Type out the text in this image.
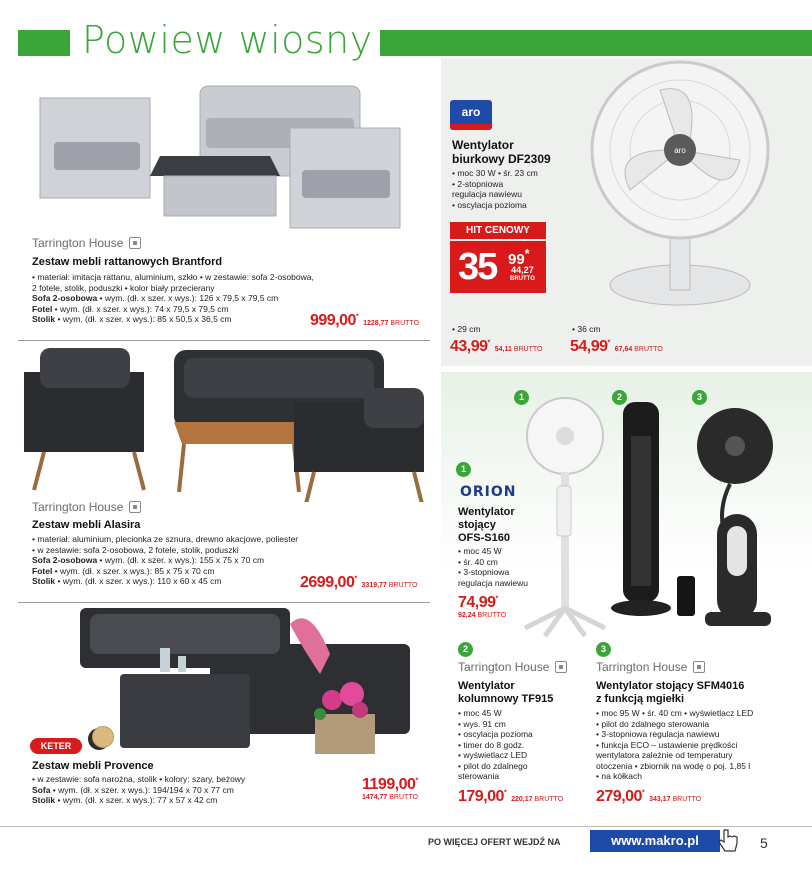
Powiew wiosny
Tarrington House
Zestaw mebli rattanowych Brantford
• materiał: imitacja rattanu, aluminium, szkło • w zestawie: sofa 2-osobowa,
2 fotele, stolik, poduszki • kolor biały przecierany
Sofa 2-osobowa • wym. (dł. x szer. x wys.): 126 x 79,5 x 79,5 cm
Fotel • wym. (dł. x szer. x wys.): 74 x 79,5 x 79,5 cm
Stolik • wym. (dł. x szer. x wys.): 85 x 50,5 x 36,5 cm	999,00* 1228,77 BRUTTO
Tarrington House
Zestaw mebli Alasira
• materiał: aluminium, plecionka ze sznura, drewno akacjowe, poliester
• w zestawie: sofa 2-osobowa, 2 fotele, stolik, poduszki
Sofa 2-osobowa • wym. (dł. x szer. x wys.): 155 x 75 x 70 cm
Fotel • wym. (dł. x szer. x wys.): 85 x 75 x 70 cm
Stolik • wym. (dł. x szer. x wys.): 110 x 60 x 45 cm	2699,00* 3319,77 BRUTTO
KETER
Zestaw mebli Provence
• w zestawie: sofa narożna, stolik • kolory: szary, beżowy
Sofa • wym. (dł. x szer. x wys.): 194/194 x 70 x 77 cm
Stolik • wym. (dł. x szer. x wys.): 77 x 57 x 42 cm
1199,00*
1474,77 BRUTTO
aro
aro
Wentylator
biurkowy DF2309
• moc 30 W • śr. 23 cm
• 2-stopniowa
regulacja nawiewu
• oscylacja pozioma
HIT CENOWY
35 99*
44,27
BRUTTO
• 29 cm
43,99* 54,11 BRUTTO
• 36 cm
54,99* 67,64 BRUTTO
1	2	3
1
ORION
Wentylator
stojący
OFS-S160
• moc 45 W
• śr. 40 cm
• 3-stopniowa
regulacja nawiewu
74,99*
92,24 BRUTTO
2
Tarrington House
Wentylator
kolumnowy TF915
• moc 45 W
• wys. 91 cm
• oscylacja pozioma
• timer do 8 godz.
• wyświetlacz LED
• pilot do zdalnego
sterowania
179,00* 220,17 BRUTTO
3
Tarrington House
Wentylator stojący SFM4016
z funkcją mgiełki
• moc 95 W • śr. 40 cm • wyświetlacz LED
• pilot do zdalnego sterowania
• 3-stopniowa regulacja nawiewu
• funkcja ECO – ustawienie prędkości
wentylatora zależnie od temperatury
otoczenia • zbiornik na wodę o poj. 1,85 l
• na kółkach
279,00* 343,17 BRUTTO
PO WIĘCEJ OFERT WEJDŹ NA	www.makro.pl	5
